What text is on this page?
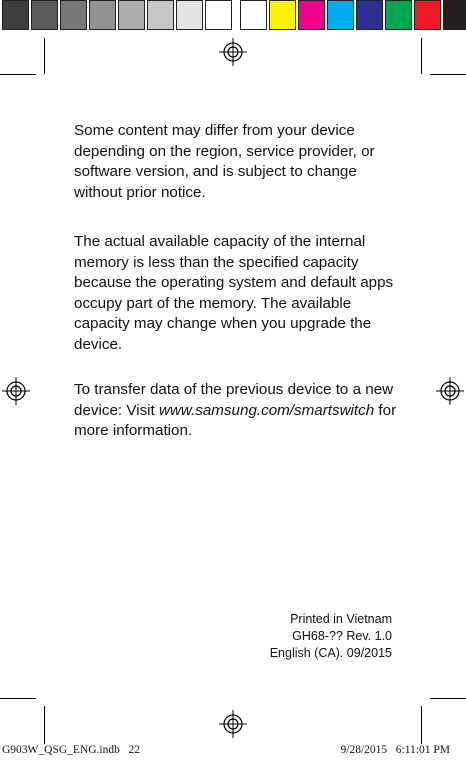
Some content may differ from your device depending on the region, service provider, or software version, and is subject to change without prior notice.

The actual available capacity of the internal memory is less than the specified capacity because the operating system and default apps occupy part of the memory. The available capacity may change when you upgrade the device.

To transfer data of the previous device to a new device: Visit www.samsung.com/smartswitch for more information.

Printed in Vietnam
GH68-?? Rev. 1.0
English (CA). 09/2015
G903W_QSG_ENG.indb   22	9/28/2015   6:11:01 PM
